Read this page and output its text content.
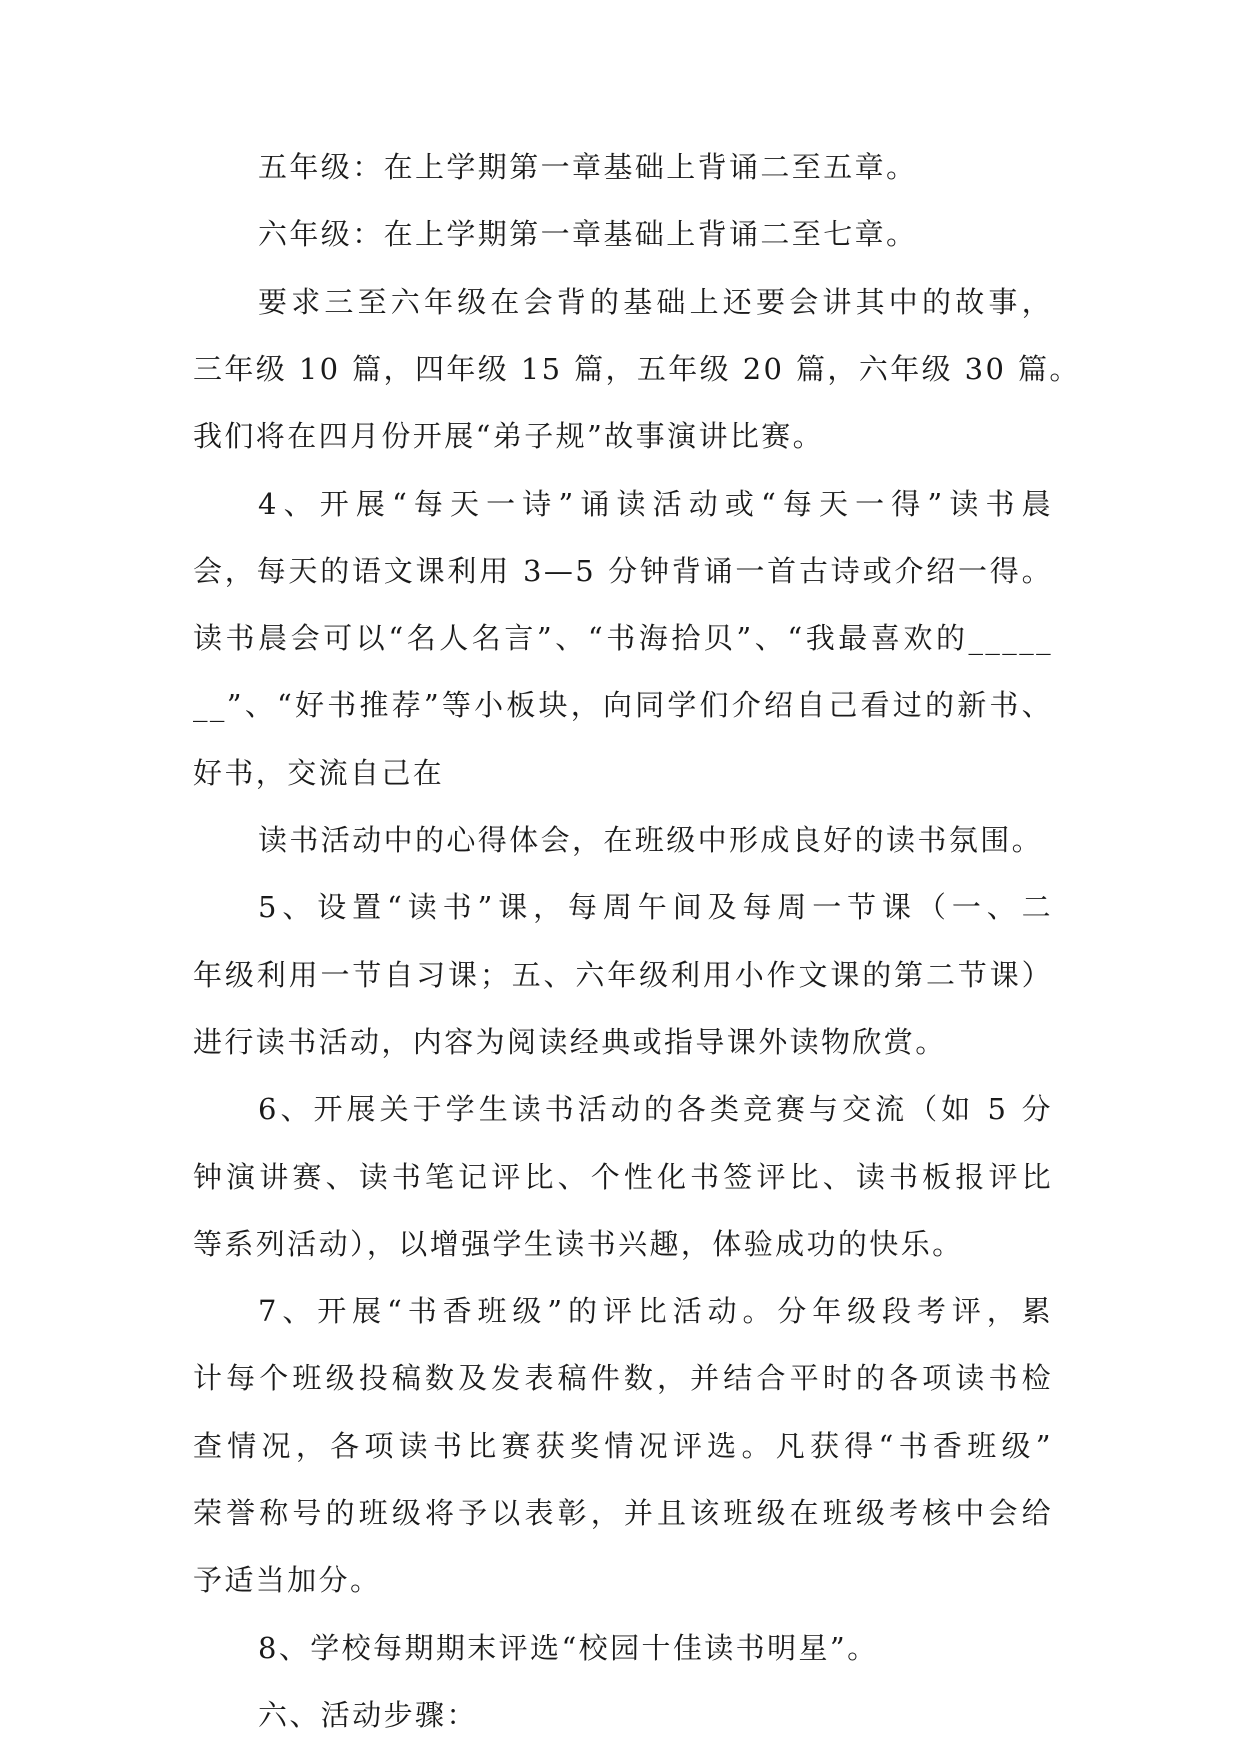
五年级：在上学期第一章基础上背诵二至五章。
六年级：在上学期第一章基础上背诵二至七章。
要求三至六年级在会背的基础上还要会讲其中的故事，
三年级 10 篇，四年级 15 篇，五年级 20 篇，六年级 30 篇。
我们将在四月份开展“弟子规”故事演讲比赛。
4、开展“每天一诗”诵读活动或“每天一得”读书晨
会，每天的语文课利用 3—5 分钟背诵一首古诗或介绍一得。
读书晨会可以“名人名言”、“书海拾贝”、“我最喜欢的_____
__”、“好书推荐”等小板块，向同学们介绍自己看过的新书、
好书，交流自己在
读书活动中的心得体会，在班级中形成良好的读书氛围。
5、设置“读书”课，每周午间及每周一节课（一、二
年级利用一节自习课；五、六年级利用小作文课的第二节课）
进行读书活动，内容为阅读经典或指导课外读物欣赏。
6、开展关于学生读书活动的各类竞赛与交流（如 5 分
钟演讲赛、读书笔记评比、个性化书签评比、读书板报评比
等系列活动），以增强学生读书兴趣，体验成功的快乐。
7、开展“书香班级”的评比活动。分年级段考评，累
计每个班级投稿数及发表稿件数，并结合平时的各项读书检
查情况，各项读书比赛获奖情况评选。凡获得“书香班级”
荣誉称号的班级将予以表彰，并且该班级在班级考核中会给
予适当加分。
8、学校每期期末评选“校园十佳读书明星”。
六、活动步骤：
